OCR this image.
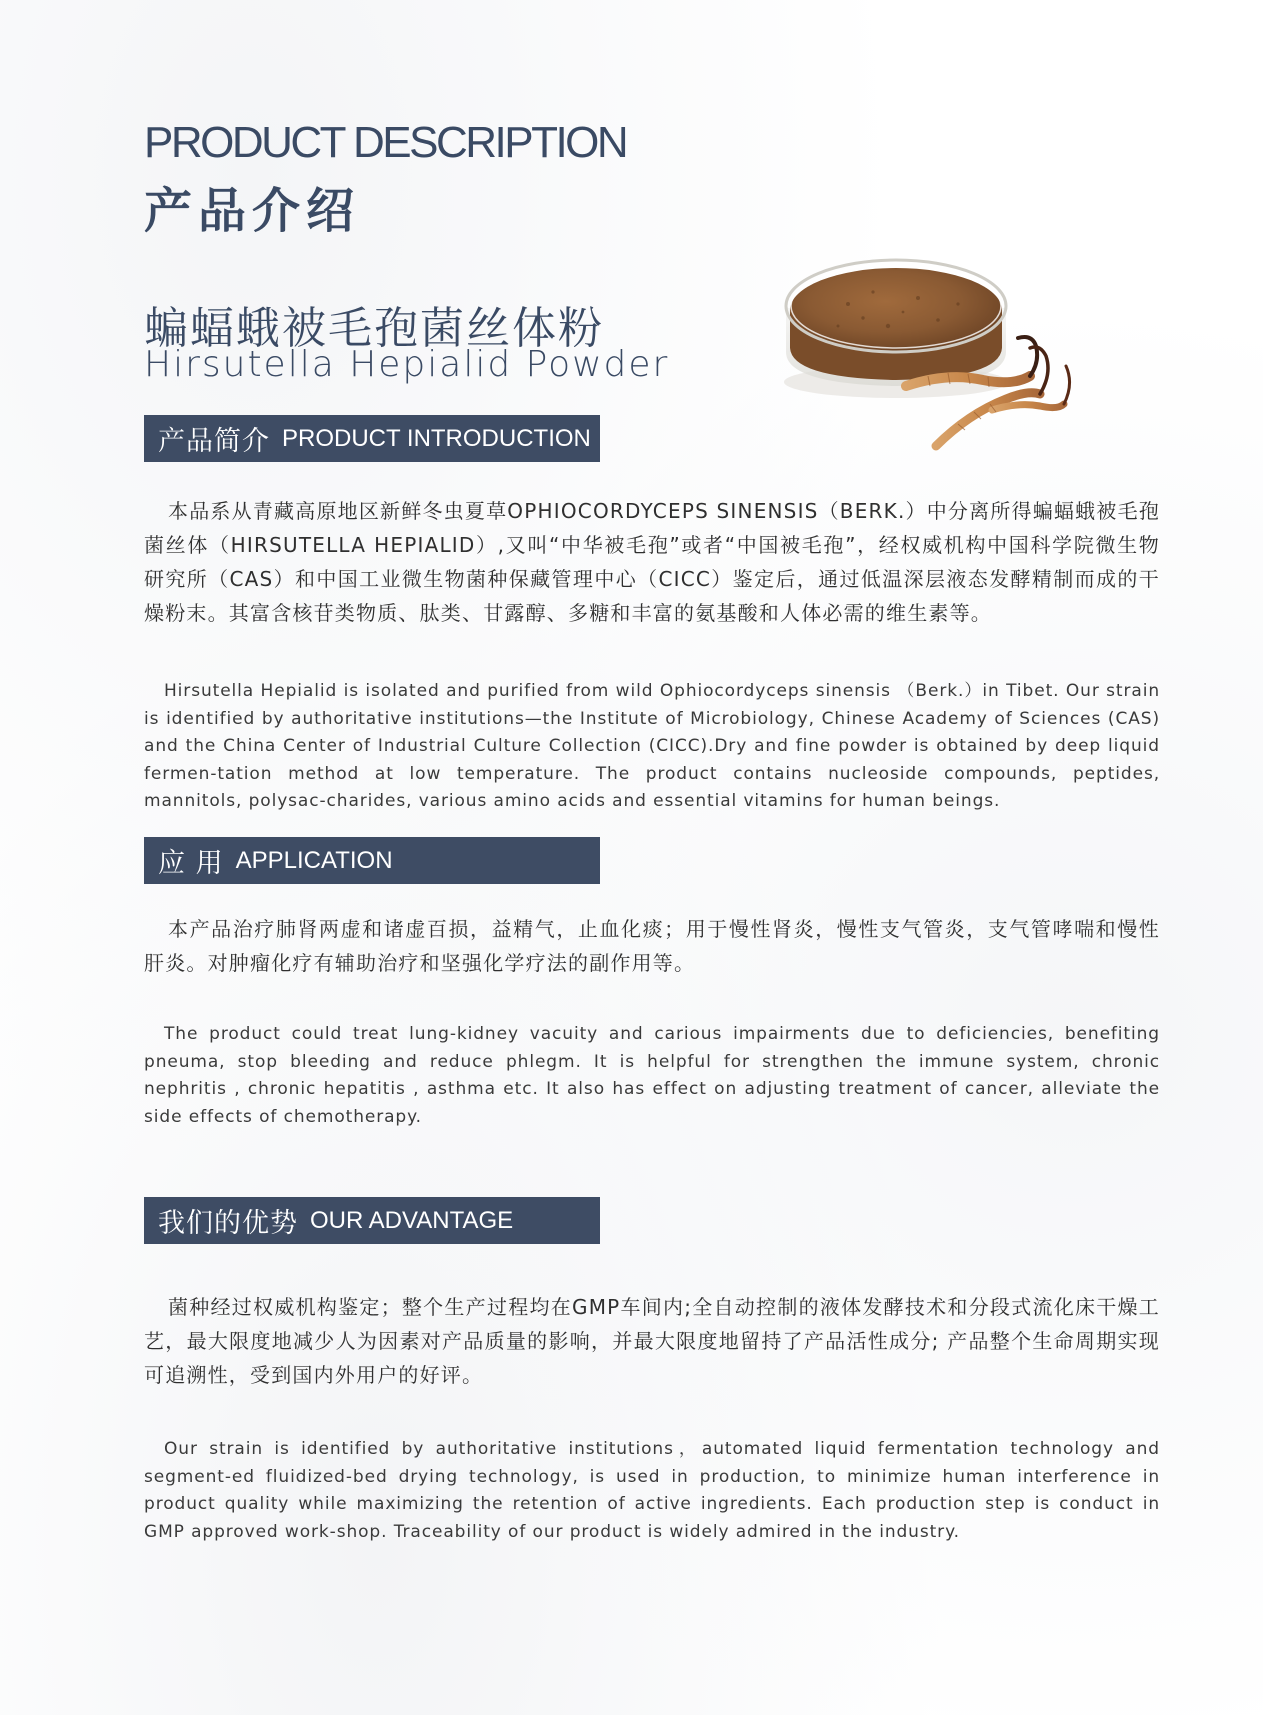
PRODUCT DESCRIPTION
产品介绍
蝙蝠蛾被毛孢菌丝体粉
Hirsutella Hepialid Powder
产品简介 PRODUCT INTRODUCTION

本品系从青藏高原地区新鲜冬虫夏草OPHIOCORDYCEPS SINENSIS（BERK.）中分离所得蝙蝠蛾被毛孢菌丝体（HIRSUTELLA HEPIALID）,又叫“中华被毛孢”或者“中国被毛孢”，经权威机构中国科学院微生物研究所（CAS）和中国工业微生物菌种保藏管理中心（CICC）鉴定后，通过低温深层液态发酵精制而成的干燥粉末。其富含核苷类物质、肽类、甘露醇、多糖和丰富的氨基酸和人体必需的维生素等。

Hirsutella Hepialid is isolated and purified from wild Ophiocordyceps sinensis （Berk.）in Tibet. Our strain is identified by authoritative institutions—the Institute of Microbiology, Chinese Academy of Sciences (CAS) and the China Center of Industrial Culture Collection (CICC).Dry and fine powder is obtained by deep liquid fermen-tation method at low temperature. The product contains nucleoside compounds, peptides, mannitols, polysac-charides, various amino acids and essential vitamins for human beings.

应 用 APPLICATION

本产品治疗肺肾两虚和诸虚百损，益精气，止血化痰；用于慢性肾炎，慢性支气管炎，支气管哮喘和慢性肝炎。对肿瘤化疗有辅助治疗和坚强化学疗法的副作用等。

The product could treat lung-kidney vacuity and carious impairments due to deficiencies, benefiting pneuma, stop bleeding and reduce phlegm. It is helpful for strengthen the immune system, chronic nephritis , chronic hepatitis , asthma etc. It also has effect on adjusting treatment of cancer, alleviate the side effects of chemotherapy.

我们的优势 OUR ADVANTAGE

菌种经过权威机构鉴定；整个生产过程均在GMP车间内;全自动控制的液体发酵技术和分段式流化床干燥工艺，最大限度地减少人为因素对产品质量的影响，并最大限度地留持了产品活性成分; 产品整个生命周期实现可追溯性，受到国内外用户的好评。

Our strain is identified by authoritative institutions，automated liquid fermentation technology and segment-ed fluidized-bed drying technology, is used in production, to minimize human interference in product quality while maximizing the retention of active ingredients. Each production step is conduct in GMP approved work-shop. Traceability of our product is widely admired in the industry.
